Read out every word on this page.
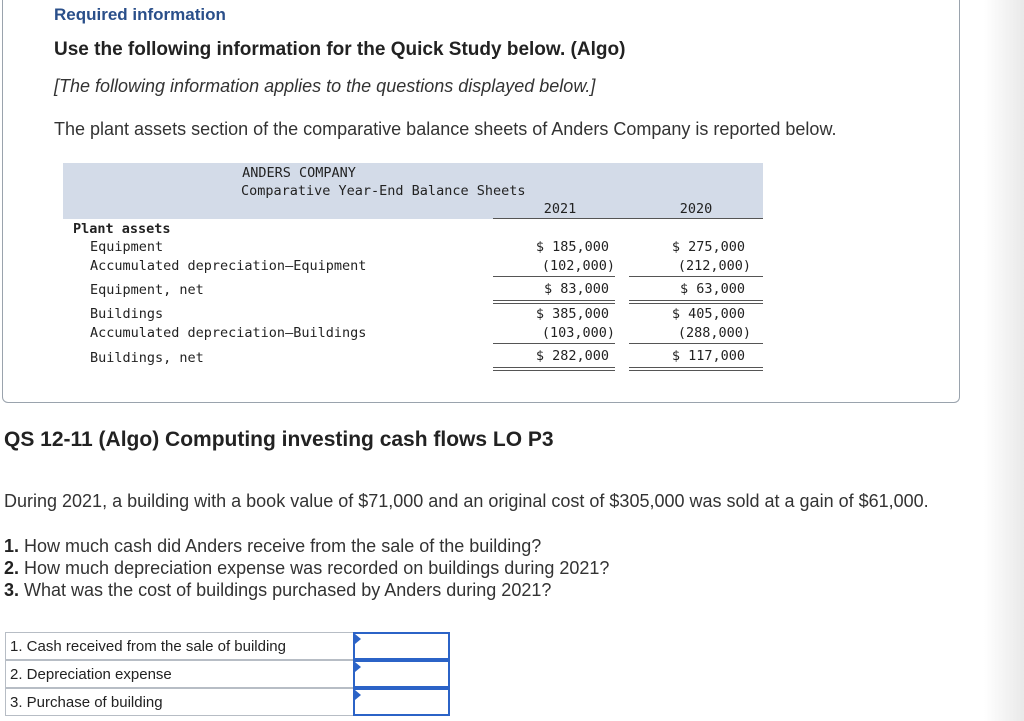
Required information
Use the following information for the Quick Study below. (Algo)
[The following information applies to the questions displayed below.]
The plant assets section of the comparative balance sheets of Anders Company is reported below.
ANDERS COMPANY
Comparative Year-End Balance Sheets
2021	2020
Plant assets
Equipment	$ 185,000	$ 275,000
Accumulated depreciation—Equipment	(102,000)	(212,000)
Equipment, net	$ 83,000	$ 63,000
Buildings	$ 385,000	$ 405,000
Accumulated depreciation—Buildings	(103,000)	(288,000)
Buildings, net	$ 282,000	$ 117,000
QS 12-11 (Algo) Computing investing cash flows LO P3
During 2021, a building with a book value of $71,000 and an original cost of $305,000 was sold at a gain of $61,000.
1. How much cash did Anders receive from the sale of the building?
2. How much depreciation expense was recorded on buildings during 2021?
3. What was the cost of buildings purchased by Anders during 2021?
1. Cash received from the sale of building
2. Depreciation expense
3. Purchase of building
